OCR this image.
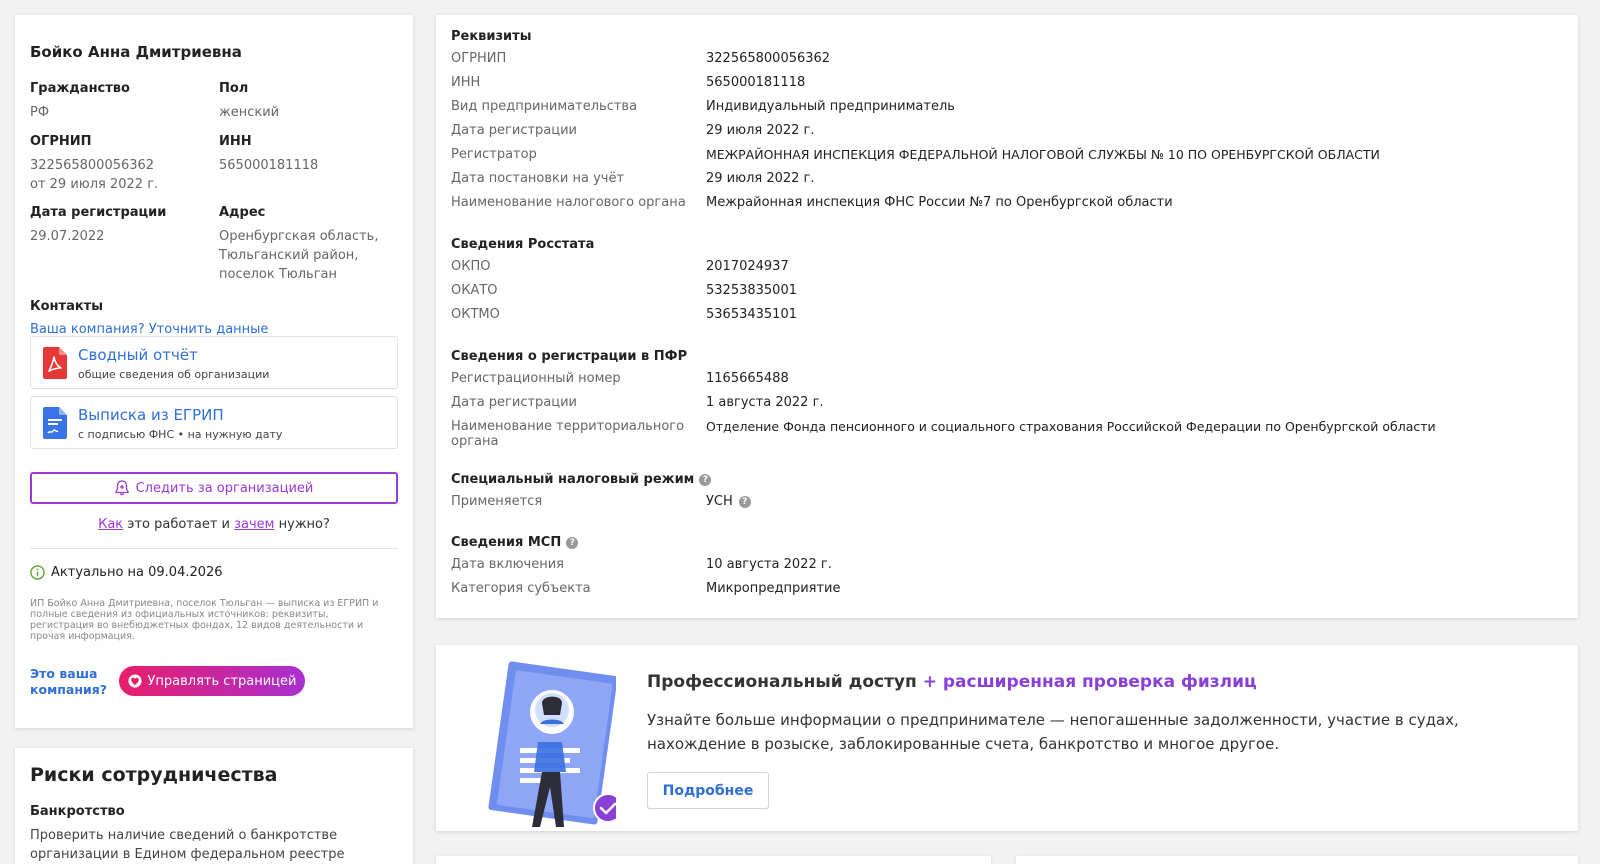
Бойко Анна Дмитриевна
Гражданство
РФ
Пол
женский
ОГРНИП
322565800056362
от 29 июля 2022 г.
ИНН
565000181118
Дата регистрации
29.07.2022
Адрес
Оренбургская область,
Тюльганский район,
поселок Тюльган
Контакты
Ваша компания? Уточнить данные
Сводный отчёт
общие сведения об организации
Выписка из ЕГРИП
с подписью ФНС • на нужную дату
Следить за организацией
Как это работает и зачем нужно?
Актуально на 09.04.2026
ИП Бойко Анна Дмитриевна, поселок Тюльган — выписка из ЕГРИП и полные сведения из официальных источников: реквизиты, регистрация во внебюджетных фондах, 12 видов деятельности и прочая информация.
Это ваша компания?
Управлять страницей
Риски сотрудничества
Банкротство
Проверить наличие сведений о банкротстве организации в Едином федеральном реестре
Реквизиты
ОГРНИП	322565800056362
ИНН	565000181118
Вид предпринимательства	Индивидуальный предприниматель
Дата регистрации	29 июля 2022 г.
Регистратор	МЕЖРАЙОННАЯ ИНСПЕКЦИЯ ФЕДЕРАЛЬНОЙ НАЛОГОВОЙ СЛУЖБЫ № 10 ПО ОРЕНБУРГСКОЙ ОБЛАСТИ
Дата постановки на учёт	29 июля 2022 г.
Наименование налогового органа	Межрайонная инспекция ФНС России №7 по Оренбургской области
Сведения Росстата
ОКПО	2017024937
ОКАТО	53253835001
ОКТМО	53653435101
Сведения о регистрации в ПФР
Регистрационный номер	1165665488
Дата регистрации	1 августа 2022 г.
Наименование территориального органа
Отделение Фонда пенсионного и социального страхования Российской Федерации по Оренбургской области
Специальный налоговый режим ?
Применяется	УСН	?
Сведения МСП ?
Дата включения	10 августа 2022 г.
Категория субъекта	Микропредприятие
Профессиональный доступ + расширенная проверка физлиц
Узнайте больше информации о предпринимателе — непогашенные задолженности, участие в судах, нахождение в розыске, заблокированные счета, банкротство и многое другое.
Подробнее
